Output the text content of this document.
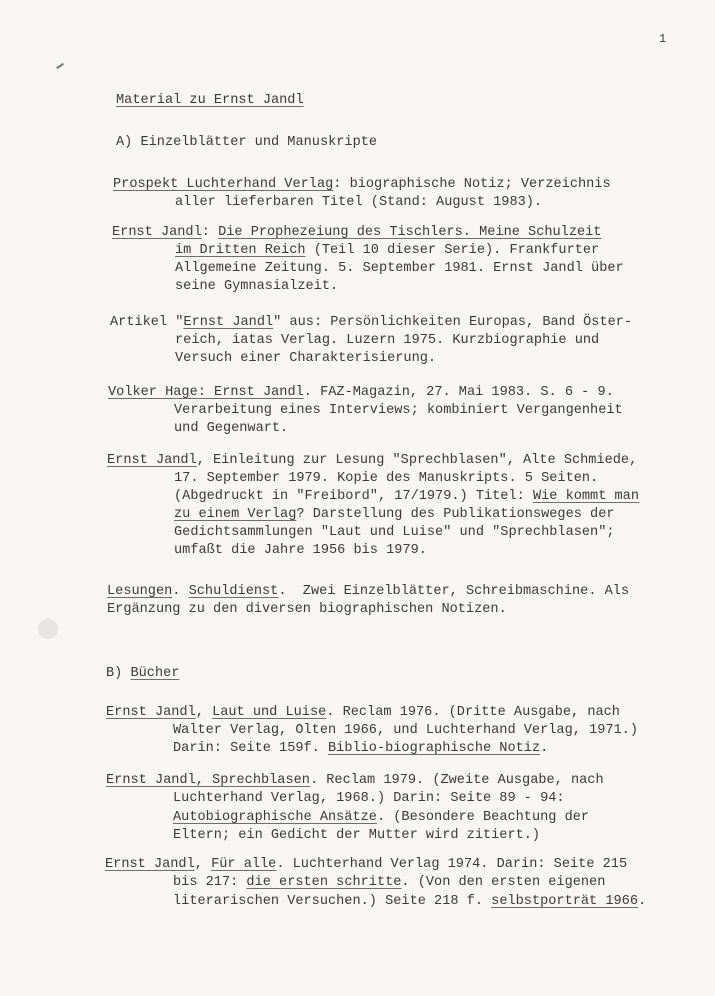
1
Material zu Ernst Jandl
A) Einzelblätter und Manuskripte
Prospekt Luchterhand Verlag: biographische Notiz; Verzeichnis
aller lieferbaren Titel (Stand: August 1983).
Ernst Jandl: Die Prophezeiung des Tischlers. Meine Schulzeit
im Dritten Reich (Teil 10 dieser Serie). Frankfurter
Allgemeine Zeitung. 5. September 1981. Ernst Jandl über
seine Gymnasialzeit.
Artikel "Ernst Jandl" aus: Persönlichkeiten Europas, Band Öster-
reich, iatas Verlag. Luzern 1975. Kurzbiographie und
Versuch einer Charakterisierung.
Volker Hage: Ernst Jandl. FAZ-Magazin, 27. Mai 1983. S. 6 - 9.
Verarbeitung eines Interviews; kombiniert Vergangenheit
und Gegenwart.
Ernst Jandl, Einleitung zur Lesung "Sprechblasen", Alte Schmiede,
17. September 1979. Kopie des Manuskripts. 5 Seiten.
(Abgedruckt in "Freibord", 17/1979.) Titel: Wie kommt man
zu einem Verlag? Darstellung des Publikationsweges der
Gedichtsammlungen "Laut und Luise" und "Sprechblasen";
umfaßt die Jahre 1956 bis 1979.
Lesungen. Schuldienst.  Zwei Einzelblätter, Schreibmaschine. Als
Ergänzung zu den diversen biographischen Notizen.
B) Bücher
Ernst Jandl, Laut und Luise. Reclam 1976. (Dritte Ausgabe, nach
Walter Verlag, Olten 1966, und Luchterhand Verlag, 1971.)
Darin: Seite 159f. Biblio-biographische Notiz.
Ernst Jandl, Sprechblasen. Reclam 1979. (Zweite Ausgabe, nach
Luchterhand Verlag, 1968.) Darin: Seite 89 - 94:
Autobiographische Ansätze. (Besondere Beachtung der
Eltern; ein Gedicht der Mutter wird zitiert.)
Ernst Jandl, Für alle. Luchterhand Verlag 1974. Darin: Seite 215
bis 217: die ersten schritte. (Von den ersten eigenen
literarischen Versuchen.) Seite 218 f. selbstporträt 1966.
